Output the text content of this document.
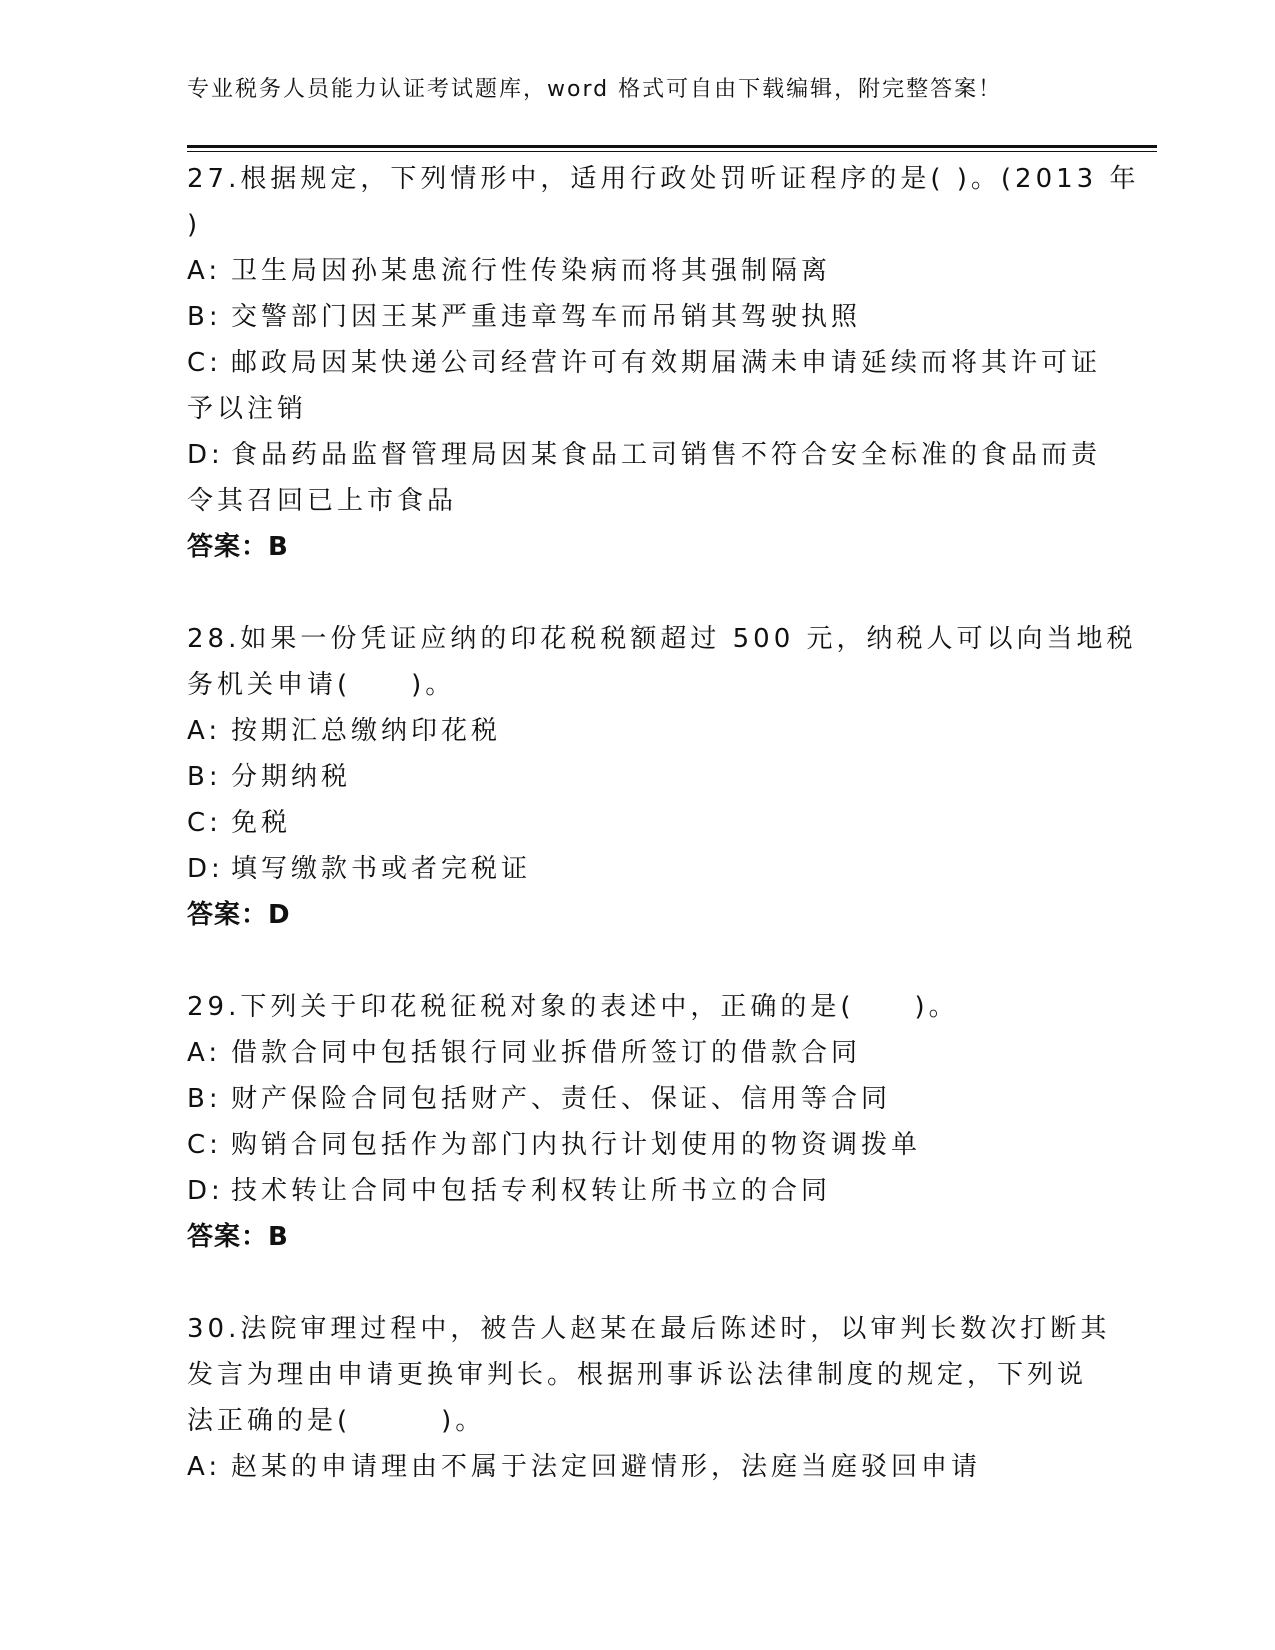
专业税务人员能力认证考试题库，word 格式可自由下载编辑，附完整答案！
27.根据规定，下列情形中，适用行政处罚听证程序的是( )。(2013 年
)
A: 卫生局因孙某患流行性传染病而将其强制隔离
B: 交警部门因王某严重违章驾车而吊销其驾驶执照
C: 邮政局因某快递公司经营许可有效期届满未申请延续而将其许可证
予以注销
D: 食品药品监督管理局因某食品工司销售不符合安全标准的食品而责
令其召回已上市食品
答案：B
28.如果一份凭证应纳的印花税税额超过 500 元，纳税人可以向当地税
务机关申请(　　)。
A: 按期汇总缴纳印花税
B: 分期纳税
C: 免税
D: 填写缴款书或者完税证
答案：D
29.下列关于印花税征税对象的表述中，正确的是(　　)。
A: 借款合同中包括银行同业拆借所签订的借款合同
B: 财产保险合同包括财产、责任、保证、信用等合同
C: 购销合同包括作为部门内执行计划使用的物资调拨单
D: 技术转让合同中包括专利权转让所书立的合同
答案：B
30.法院审理过程中，被告人赵某在最后陈述时，以审判长数次打断其
发言为理由申请更换审判长。根据刑事诉讼法律制度的规定，下列说
法正确的是(　　　)。
A: 赵某的申请理由不属于法定回避情形，法庭当庭驳回申请
